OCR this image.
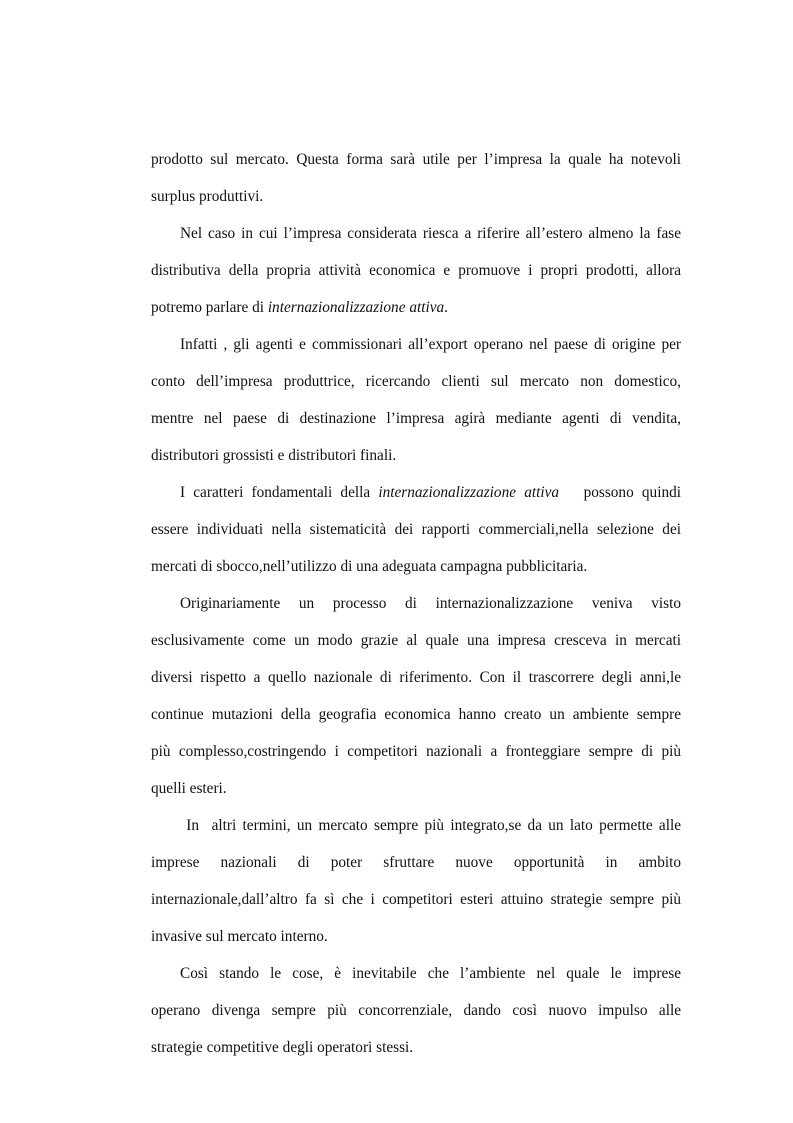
prodotto sul mercato. Questa forma sarà utile per l’impresa la quale ha notevoli
surplus produttivi.

Nel caso in cui l’impresa considerata riesca a riferire all’estero almeno la fase
distributiva della propria attività economica e promuove i propri prodotti, allora
potremo parlare di internazionalizzazione attiva.

Infatti , gli agenti e commissionari all’export operano nel paese di origine per
conto dell’impresa produttrice, ricercando clienti sul mercato non domestico,
mentre nel paese di destinazione l’impresa agirà mediante agenti di vendita,
distributori grossisti e distributori finali.

I caratteri fondamentali della internazionalizzazione attiva   possono quindi
essere individuati nella sistematicità dei rapporti commerciali,nella selezione dei
mercati di sbocco,nell’utilizzo di una adeguata campagna pubblicitaria.

Originariamente un processo di internazionalizzazione veniva visto
esclusivamente come un modo grazie al quale una impresa cresceva in mercati
diversi rispetto a quello nazionale di riferimento. Con il trascorrere degli anni,le
continue mutazioni della geografia economica hanno creato un ambiente sempre
più complesso,costringendo i competitori nazionali a fronteggiare sempre di più
quelli esteri.

In  altri termini, un mercato sempre più integrato,se da un lato permette alle
imprese nazionali di poter sfruttare nuove opportunità in ambito
internazionale,dall’altro fa sì che i competitori esteri attuino strategie sempre più
invasive sul mercato interno.

Così stando le cose, è inevitabile che l’ambiente nel quale le imprese
operano divenga sempre più concorrenziale, dando così nuovo impulso alle
strategie competitive degli operatori stessi.
